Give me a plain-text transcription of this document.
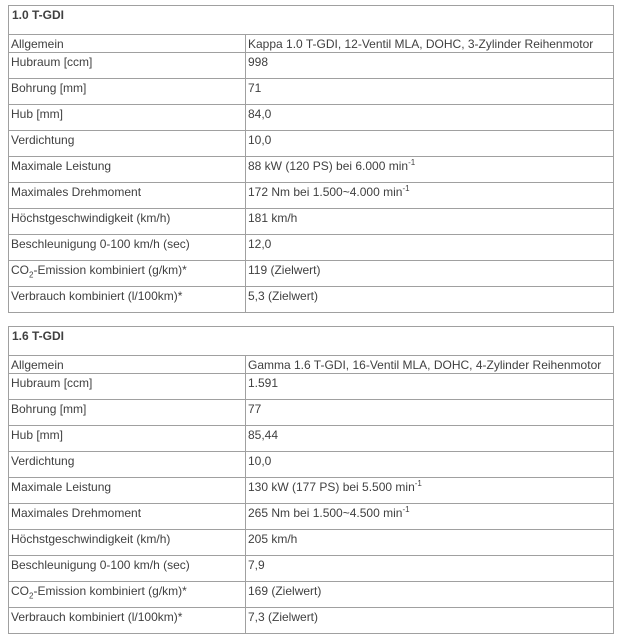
1.0 T-GDI	
Allgemein	Kappa 1.0 T-GDI, 12-Ventil MLA, DOHC, 3-Zylinder Reihenmotor
Hubraum [ccm]	998
Bohrung [mm]	71
Hub [mm]	84,0
Verdichtung	10,0
Maximale Leistung	88 kW (120 PS) bei 6.000 $\min^{-1}$
Maximales Drehmoment	172 Nm bei 1.500~4.000 $\min^{-1}$
Höchstgeschwindigkeit (km/h)	181 km/h
Beschleunigung 0-100 km/h (sec)	12,0
$CO_2$-Emission kombiniert (g/km)*	119 (Zielwert)
Verbrauch kombiniert (l/100km)*	5,3 (Zielwert)
1.6 T-GDI	
Allgemein	Gamma 1.6 T-GDI, 16-Ventil MLA, DOHC, 4-Zylinder Reihenmotor
Hubraum [ccm]	1.591
Bohrung [mm]	77
Hub [mm]	85,44
Verdichtung	10,0
Maximale Leistung	130 kW (177 PS) bei 5.500 $\min^{-1}$
Maximales Drehmoment	265 Nm bei 1.500~4.500 $\min^{-1}$
Höchstgeschwindigkeit (km/h)	205 km/h
Beschleunigung 0-100 km/h (sec)	7,9
$CO_2$-Emission kombiniert (g/km)*	169 (Zielwert)
Verbrauch kombiniert (l/100km)*	7,3 (Zielwert)
